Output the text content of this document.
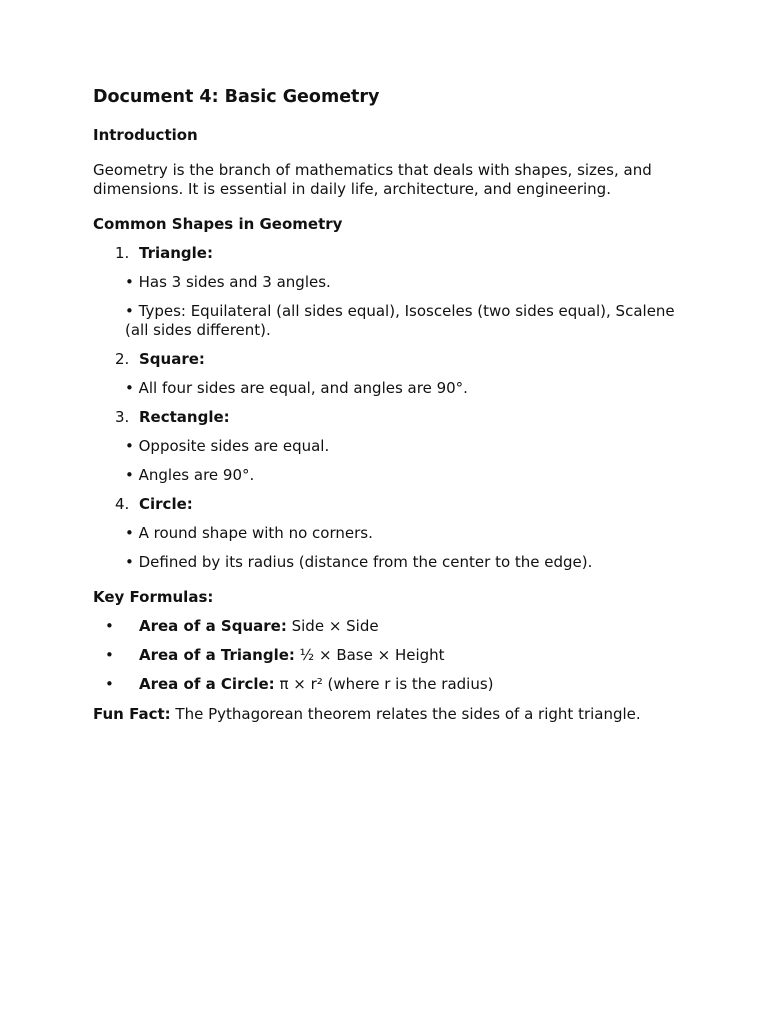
Document 4: Basic Geometry
Introduction

Geometry is the branch of mathematics that deals with shapes, sizes, and dimensions. It is essential in daily life, architecture, and engineering.

Common Shapes in Geometry
1. Triangle:
• Has 3 sides and 3 angles.
• Types: Equilateral (all sides equal), Isosceles (two sides equal), Scalene (all sides different).
2. Square:
• All four sides are equal, and angles are 90°.
3. Rectangle:
• Opposite sides are equal.
• Angles are 90°.
4. Circle:
• A round shape with no corners.
• Defined by its radius (distance from the center to the edge).
Key Formulas:
•	Area of a Square: Side × Side
•	Area of a Triangle: ½ × Base × Height
•	Area of a Circle: π × r² (where r is the radius)

Fun Fact: The Pythagorean theorem relates the sides of a right triangle.
